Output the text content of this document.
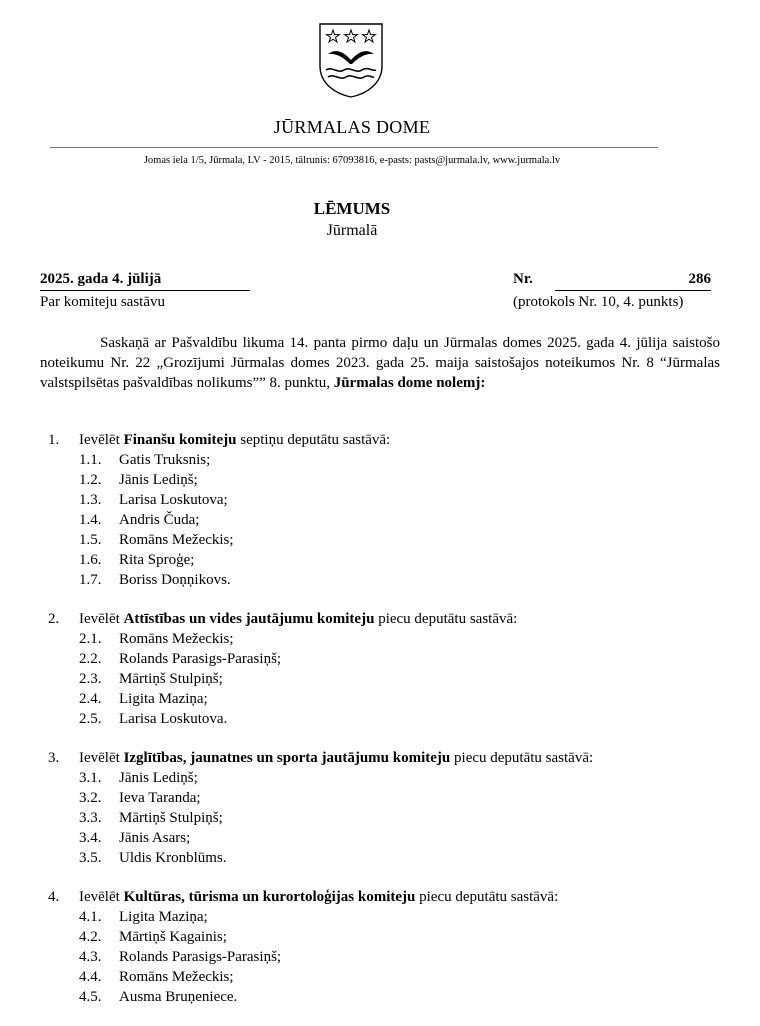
JŪRMALAS DOME
Jomas iela 1/5, Jūrmala, LV - 2015, tālrunis: 67093816, e-pasts: pasts@jurmala.lv, www.jurmala.lv
LĒMUMS
Jūrmalā
2025. gada 4. jūlijā
Par komiteju sastāvu
Nr.	286
(protokols Nr. 10, 4. punkts)
Saskaņā ar Pašvaldību likuma 14. panta pirmo daļu un Jūrmalas domes 2025. gada 4. jūlija saistošo noteikumu Nr. 22 „Grozījumi Jūrmalas domes 2023. gada 25. maija saistošajos noteikumos Nr. 8 “Jūrmalas valstspilsētas pašvaldības nolikums”” 8. punktu, Jūrmalas dome nolemj:
1. Ievēlēt Finanšu komiteju septiņu deputātu sastāvā:
1.1. Gatis Truksnis;
1.2. Jānis Lediņš;
1.3. Larisa Loskutova;
1.4. Andris Čuda;
1.5. Romāns Mežeckis;
1.6. Rita Sproģe;
1.7. Boriss Doņņikovs.
2. Ievēlēt Attīstības un vides jautājumu komiteju piecu deputātu sastāvā:
2.1. Romāns Mežeckis;
2.2. Rolands Parasigs-Parasiņš;
2.3. Mārtiņš Stulpiņš;
2.4. Ligita Maziņa;
2.5. Larisa Loskutova.
3. Ievēlēt Izglītības, jaunatnes un sporta jautājumu komiteju piecu deputātu sastāvā:
3.1. Jānis Lediņš;
3.2. Ieva Taranda;
3.3. Mārtiņš Stulpiņš;
3.4. Jānis Asars;
3.5. Uldis Kronblūms.
4. Ievēlēt Kultūras, tūrisma un kurortoloģijas komiteju piecu deputātu sastāvā:
4.1. Ligita Maziņa;
4.2. Mārtiņš Kagainis;
4.3. Rolands Parasigs-Parasiņš;
4.4. Romāns Mežeckis;
4.5. Ausma Bruņeniece.
